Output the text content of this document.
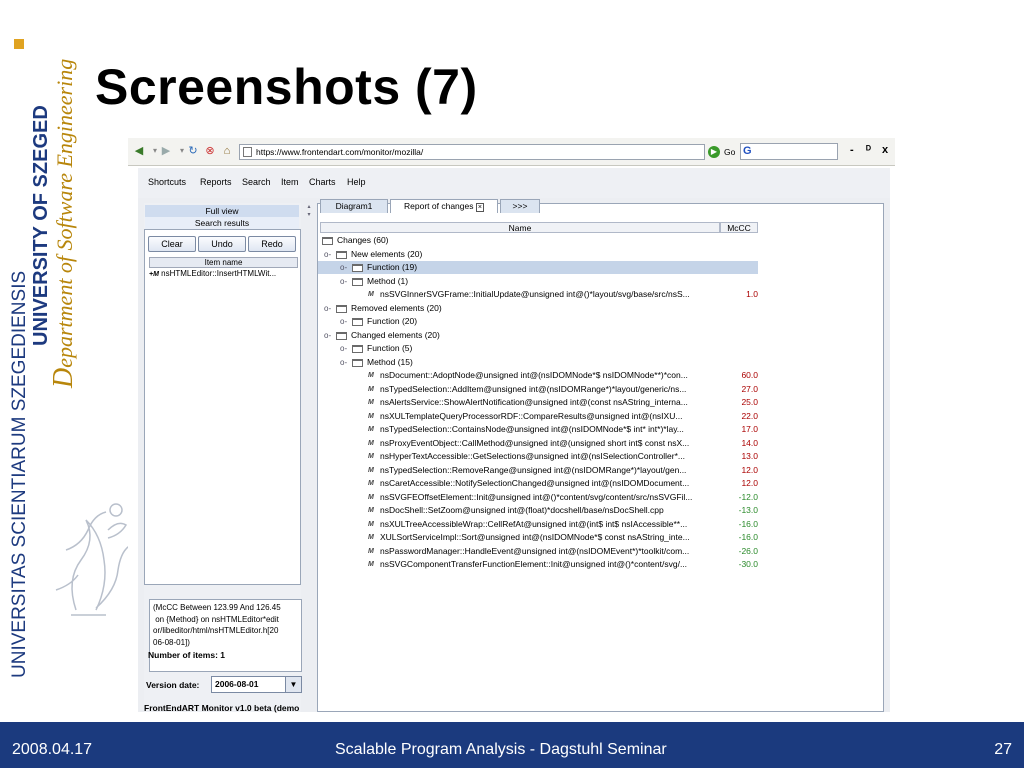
UNIVERSITAS SCIENTIARUM SZEGEDIENSIS
UNIVERSITY OF SZEGED
Department of Software Engineering Screenshots (7)
◀	▾ ▶	▾ ↻ ⊗ ⌂	https://www.frontendart.com/monitor/mozilla/	▶ Go G	- ᴰ x
Shortcuts Reports Search Item Charts Help
Full view
Search results
Clear	Undo	Redo
Item name
+M nsHTMLEditor::InsertHTMLWit...
(McCC Between 123.99 And 126.45
on {Method} on nsHTMLEditor*edit
or/libeditor/html/nsHTMLEditor.h[20
06-08-01])
Number of items: 1
Version date:	2006-08-01	▼
FrontEndART Monitor v1.0 beta (demo
▴
▾
Diagram1	Report of changes ×	>>>
Name	McCC
Changes (60)
o- New elements (20)
o- Function (19)
o- Method (1)
M nsSVGInnerSVGFrame::InitialUpdate@unsigned int@()*layout/svg/base/src/nsS...	1.0
o- Removed elements (20)
o- Function (20)
o- Changed elements (20)
o- Function (5)
o- Method (15)
M nsDocument::AdoptNode@unsigned int@(nsIDOMNode*$ nsIDOMNode**)*con...	60.0
M nsTypedSelection::AddItem@unsigned int@(nsIDOMRange*)*layout/generic/ns...	27.0
M nsAlertsService::ShowAlertNotification@unsigned int@(const nsAString_interna...	25.0
M nsXULTemplateQueryProcessorRDF::CompareResults@unsigned int@(nsIXU...	22.0
M nsTypedSelection::ContainsNode@unsigned int@(nsIDOMNode*$ int* int*)*lay...	17.0
M nsProxyEventObject::CallMethod@unsigned int@(unsigned short int$ const nsX...	14.0
M nsHyperTextAccessible::GetSelections@unsigned int@(nsISelectionController*...	13.0
M nsTypedSelection::RemoveRange@unsigned int@(nsIDOMRange*)*layout/gen...	12.0
M nsCaretAccessible::NotifySelectionChanged@unsigned int@(nsIDOMDocument...	12.0
M nsSVGFEOffsetElement::Init@unsigned int@()*content/svg/content/src/nsSVGFil...	-12.0
M nsDocShell::SetZoom@unsigned int@(float)*docshell/base/nsDocShell.cpp	-13.0
M nsXULTreeAccessibleWrap::CellRefAt@unsigned int@(int$ int$ nsIAccessible**...	-16.0
M XULSortServiceImpl::Sort@unsigned int@(nsIDOMNode*$ const nsAString_inte...	-16.0
M nsPasswordManager::HandleEvent@unsigned int@(nsIDOMEvent*)*toolkit/com...	-26.0
M nsSVGComponentTransferFunctionElement::Init@unsigned int@()*content/svg/...	-30.0
2008.04.17	Scalable Program Analysis - Dagstuhl Seminar	27
